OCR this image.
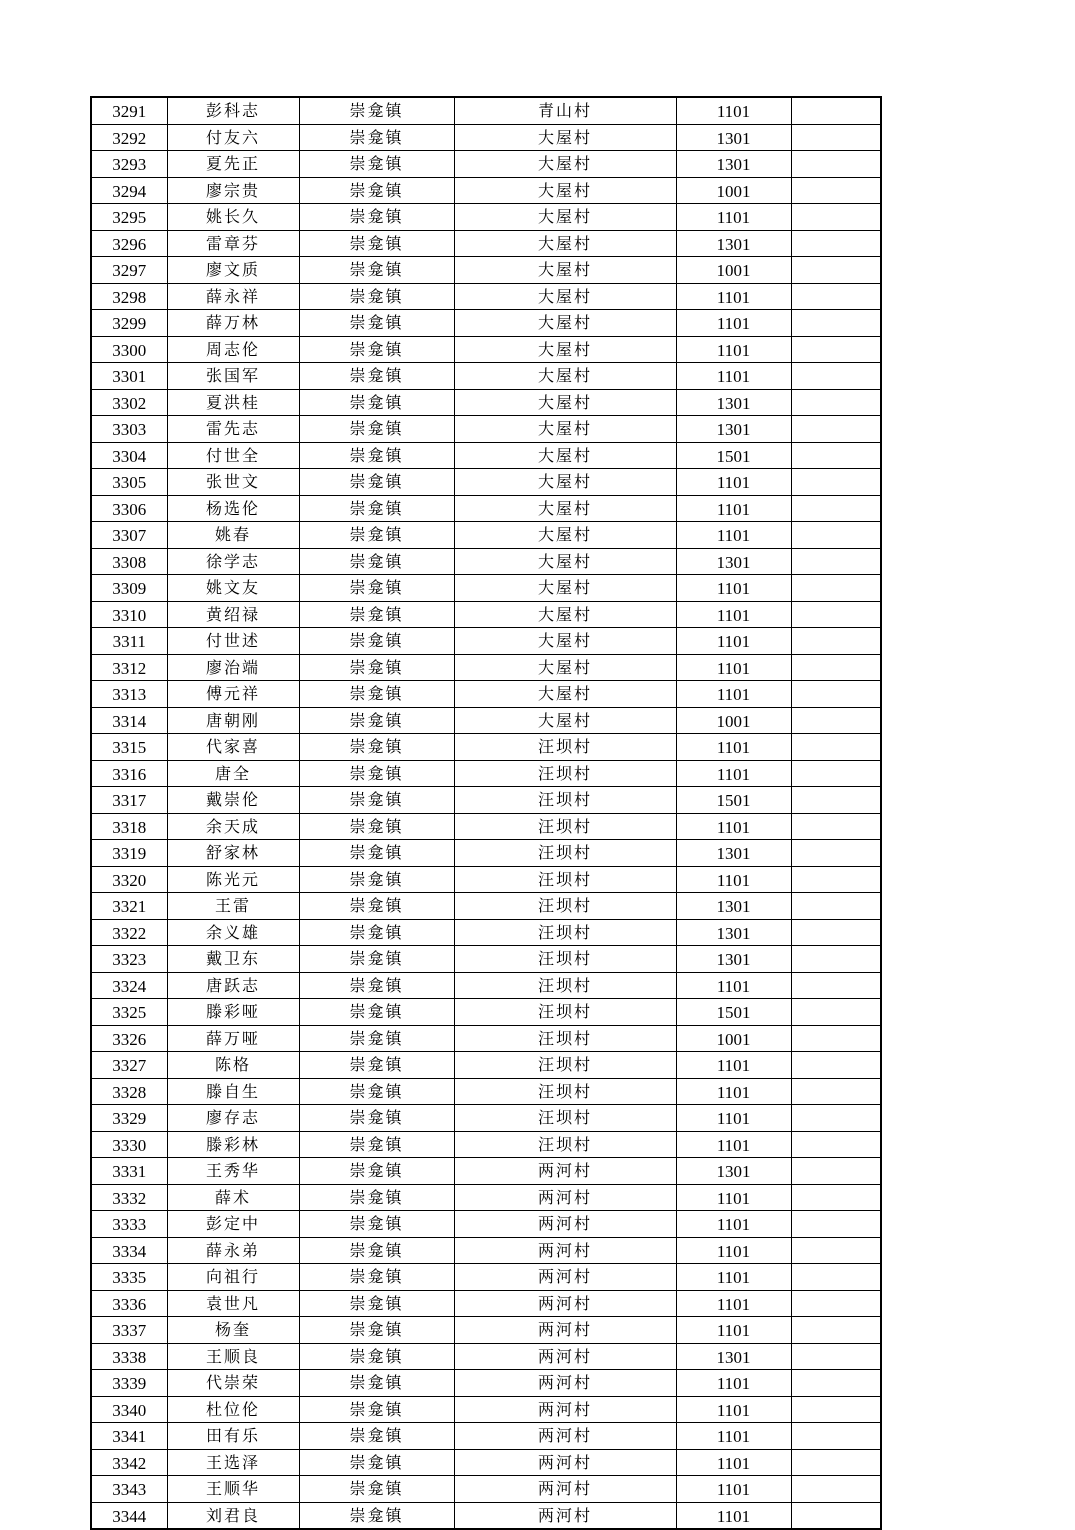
3291	彭科志	崇龛镇	青山村	1101	
3292	付友六	崇龛镇	大屋村	1301	
3293	夏先正	崇龛镇	大屋村	1301	
3294	廖宗贵	崇龛镇	大屋村	1001	
3295	姚长久	崇龛镇	大屋村	1101	
3296	雷章芬	崇龛镇	大屋村	1301	
3297	廖文质	崇龛镇	大屋村	1001	
3298	薛永祥	崇龛镇	大屋村	1101	
3299	薛万林	崇龛镇	大屋村	1101	
3300	周志伦	崇龛镇	大屋村	1101	
3301	张国军	崇龛镇	大屋村	1101	
3302	夏洪桂	崇龛镇	大屋村	1301	
3303	雷先志	崇龛镇	大屋村	1301	
3304	付世全	崇龛镇	大屋村	1501	
3305	张世文	崇龛镇	大屋村	1101	
3306	杨选伦	崇龛镇	大屋村	1101	
3307	姚春	崇龛镇	大屋村	1101	
3308	徐学志	崇龛镇	大屋村	1301	
3309	姚文友	崇龛镇	大屋村	1101	
3310	黄绍禄	崇龛镇	大屋村	1101	
3311	付世述	崇龛镇	大屋村	1101	
3312	廖治端	崇龛镇	大屋村	1101	
3313	傅元祥	崇龛镇	大屋村	1101	
3314	唐朝刚	崇龛镇	大屋村	1001	
3315	代家喜	崇龛镇	汪坝村	1101	
3316	唐全	崇龛镇	汪坝村	1101	
3317	戴崇伦	崇龛镇	汪坝村	1501	
3318	余天成	崇龛镇	汪坝村	1101	
3319	舒家林	崇龛镇	汪坝村	1301	
3320	陈光元	崇龛镇	汪坝村	1101	
3321	王雷	崇龛镇	汪坝村	1301	
3322	余义雄	崇龛镇	汪坝村	1301	
3323	戴卫东	崇龛镇	汪坝村	1301	
3324	唐跃志	崇龛镇	汪坝村	1101	
3325	滕彩哑	崇龛镇	汪坝村	1501	
3326	薛万哑	崇龛镇	汪坝村	1001	
3327	陈格	崇龛镇	汪坝村	1101	
3328	滕自生	崇龛镇	汪坝村	1101	
3329	廖存志	崇龛镇	汪坝村	1101	
3330	滕彩林	崇龛镇	汪坝村	1101	
3331	王秀华	崇龛镇	两河村	1301	
3332	薛术	崇龛镇	两河村	1101	
3333	彭定中	崇龛镇	两河村	1101	
3334	薛永弟	崇龛镇	两河村	1101	
3335	向祖行	崇龛镇	两河村	1101	
3336	袁世凡	崇龛镇	两河村	1101	
3337	杨奎	崇龛镇	两河村	1101	
3338	王顺良	崇龛镇	两河村	1301	
3339	代崇荣	崇龛镇	两河村	1101	
3340	杜位伦	崇龛镇	两河村	1101	
3341	田有乐	崇龛镇	两河村	1101	
3342	王选泽	崇龛镇	两河村	1101	
3343	王顺华	崇龛镇	两河村	1101	
3344	刘君良	崇龛镇	两河村	1101	
